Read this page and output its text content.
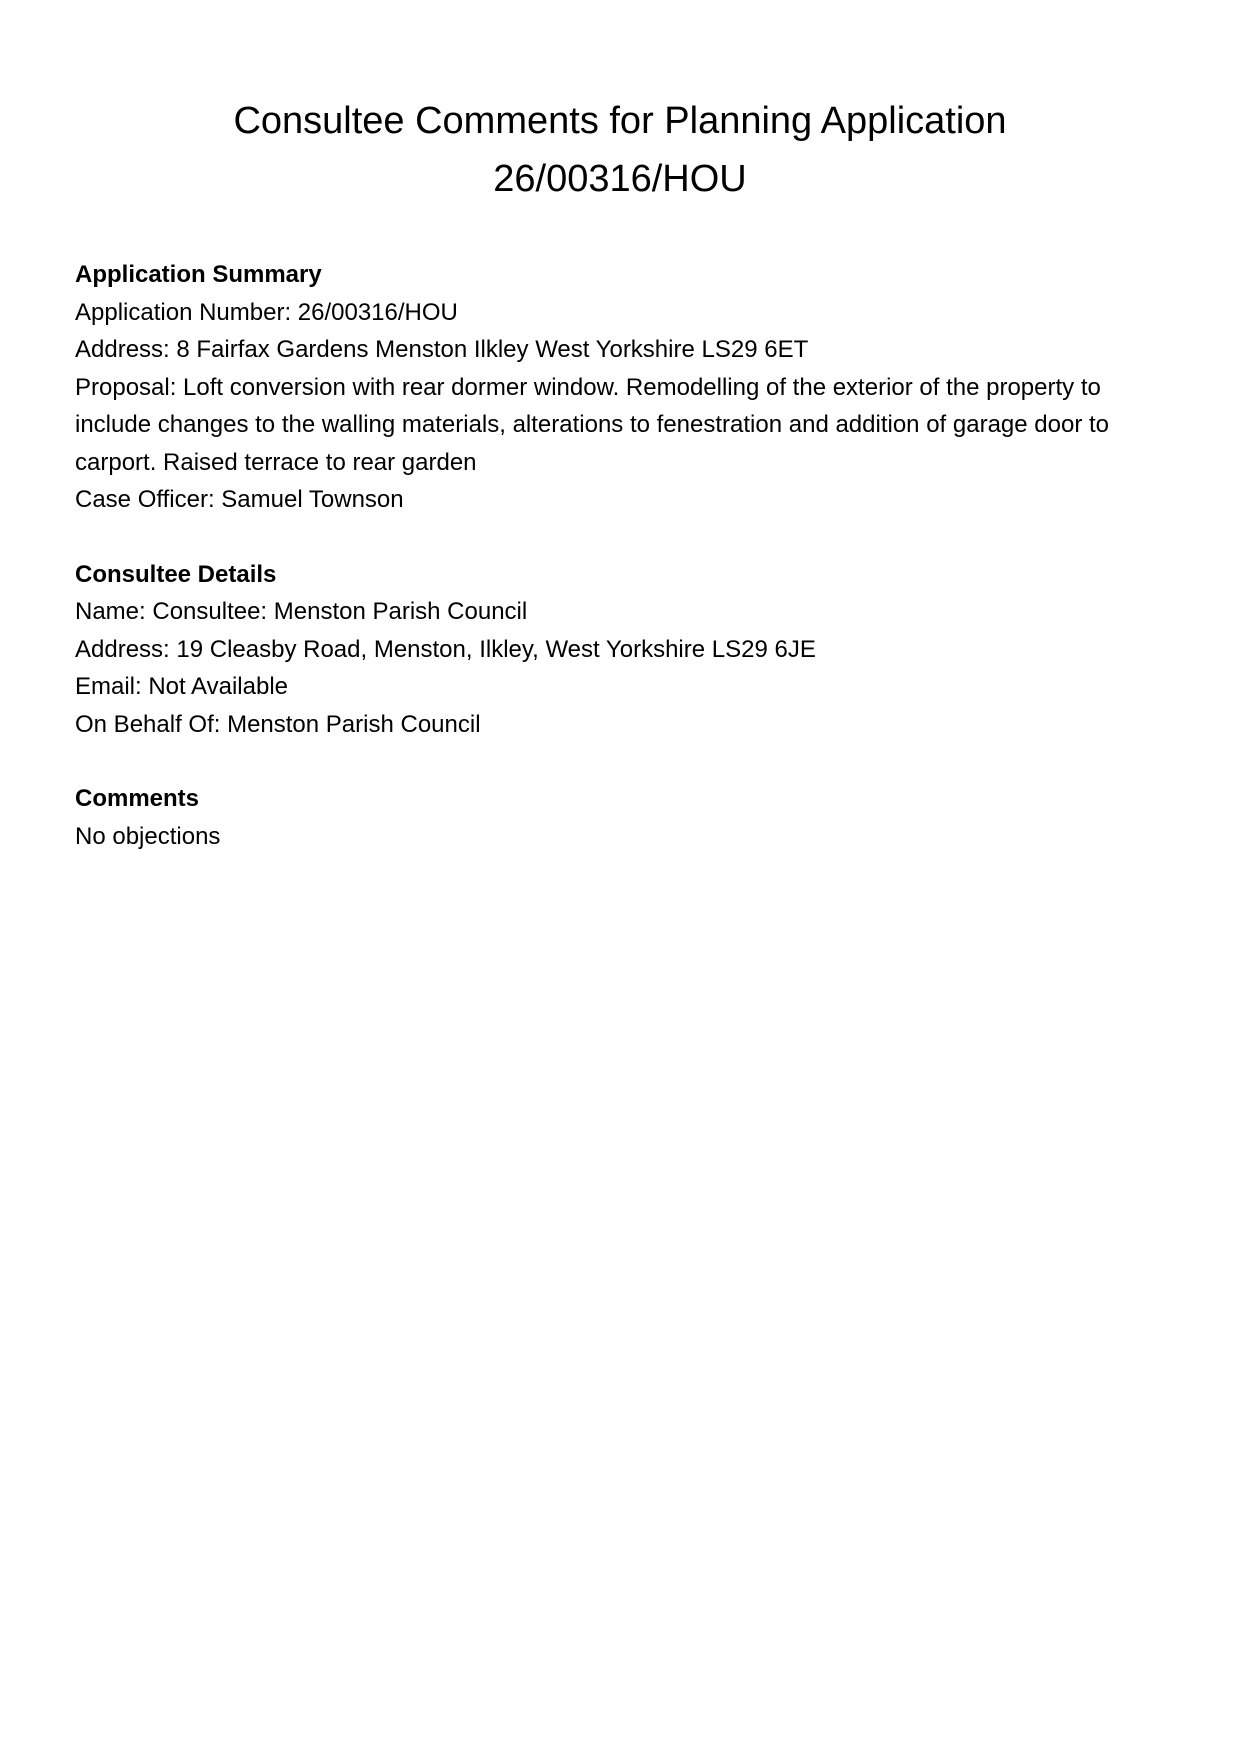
Consultee Comments for Planning Application
26/00316/HOU

Application Summary

Application Number: 26/00316/HOU

Address: 8 Fairfax Gardens Menston Ilkley West Yorkshire LS29 6ET

Proposal: Loft conversion with rear dormer window. Remodelling of the exterior of the property to include changes to the walling materials, alterations to fenestration and addition of garage door to carport. Raised terrace to rear garden

Case Officer: Samuel Townson

Consultee Details

Name: Consultee: Menston Parish Council

Address: 19 Cleasby Road, Menston, Ilkley, West Yorkshire LS29 6JE

Email: Not Available

On Behalf Of: Menston Parish Council

Comments

No objections
